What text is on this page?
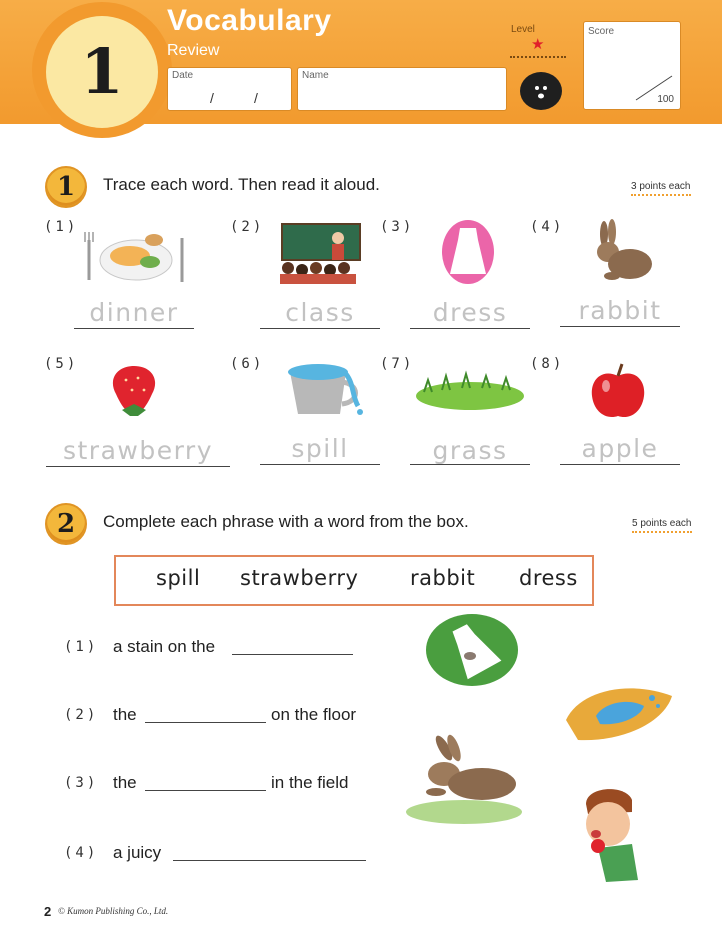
1
Vocabulary
Review
Date
/	/
Name
Level
★
Score
100
1 Trace each word. Then read it aloud.	3 points each
(1)	(2)	(3)	(4)
(5)	(6)	(7)	(8)
dinner	class	dress	rabbit
strawberry	spill	grass	apple
2 Complete each phrase with a word from the box.	5 points each
spill strawberry rabbit dress
(1) a stain on the
(2) the	on the floor
(3) the	in the field
(4) a juicy
2 © Kumon Publishing Co., Ltd.
